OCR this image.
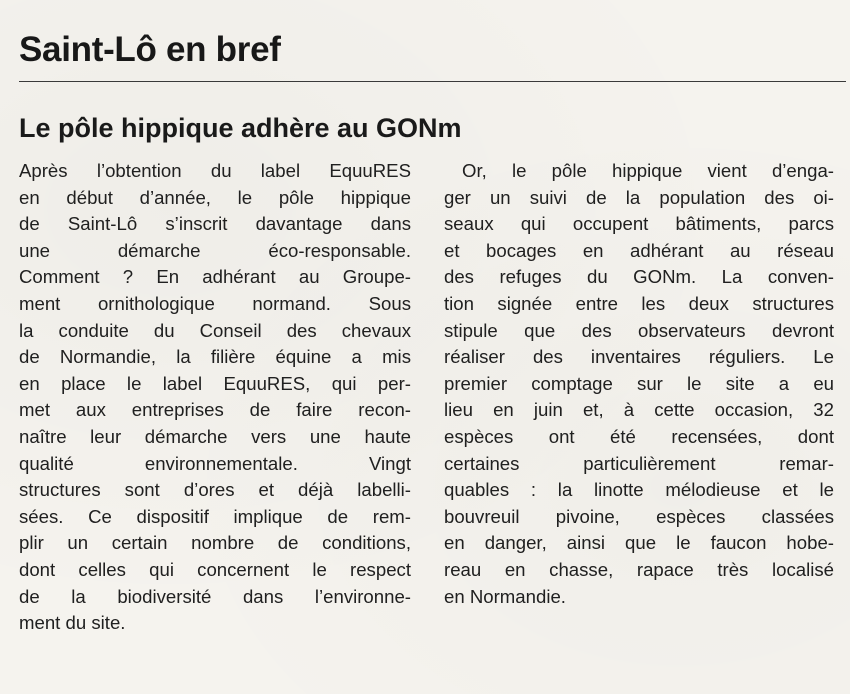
Saint-Lô en bref
Le pôle hippique adhère au GONm
Après l’obtention du label EquuRES
en début d’année, le pôle hippique
de Saint-Lô s’inscrit davantage dans
une démarche éco-responsable.
Comment ? En adhérant au Groupe-
ment ornithologique normand. Sous
la conduite du Conseil des chevaux
de Normandie, la filière équine a mis
en place le label EquuRES, qui per-
met aux entreprises de faire recon-
naître leur démarche vers une haute
qualité environnementale. Vingt
structures sont d’ores et déjà labelli-
sées. Ce dispositif implique de rem-
plir un certain nombre de conditions,
dont celles qui concernent le respect
de la biodiversité dans l’environne-
ment du site.
Or, le pôle hippique vient d’enga-
ger un suivi de la population des oi-
seaux qui occupent bâtiments, parcs
et bocages en adhérant au réseau
des refuges du GONm. La conven-
tion signée entre les deux structures
stipule que des observateurs devront
réaliser des inventaires réguliers. Le
premier comptage sur le site a eu
lieu en juin et, à cette occasion, 32
espèces ont été recensées, dont
certaines particulièrement remar-
quables : la linotte mélodieuse et le
bouvreuil pivoine, espèces classées
en danger, ainsi que le faucon hobe-
reau en chasse, rapace très localisé
en Normandie.
